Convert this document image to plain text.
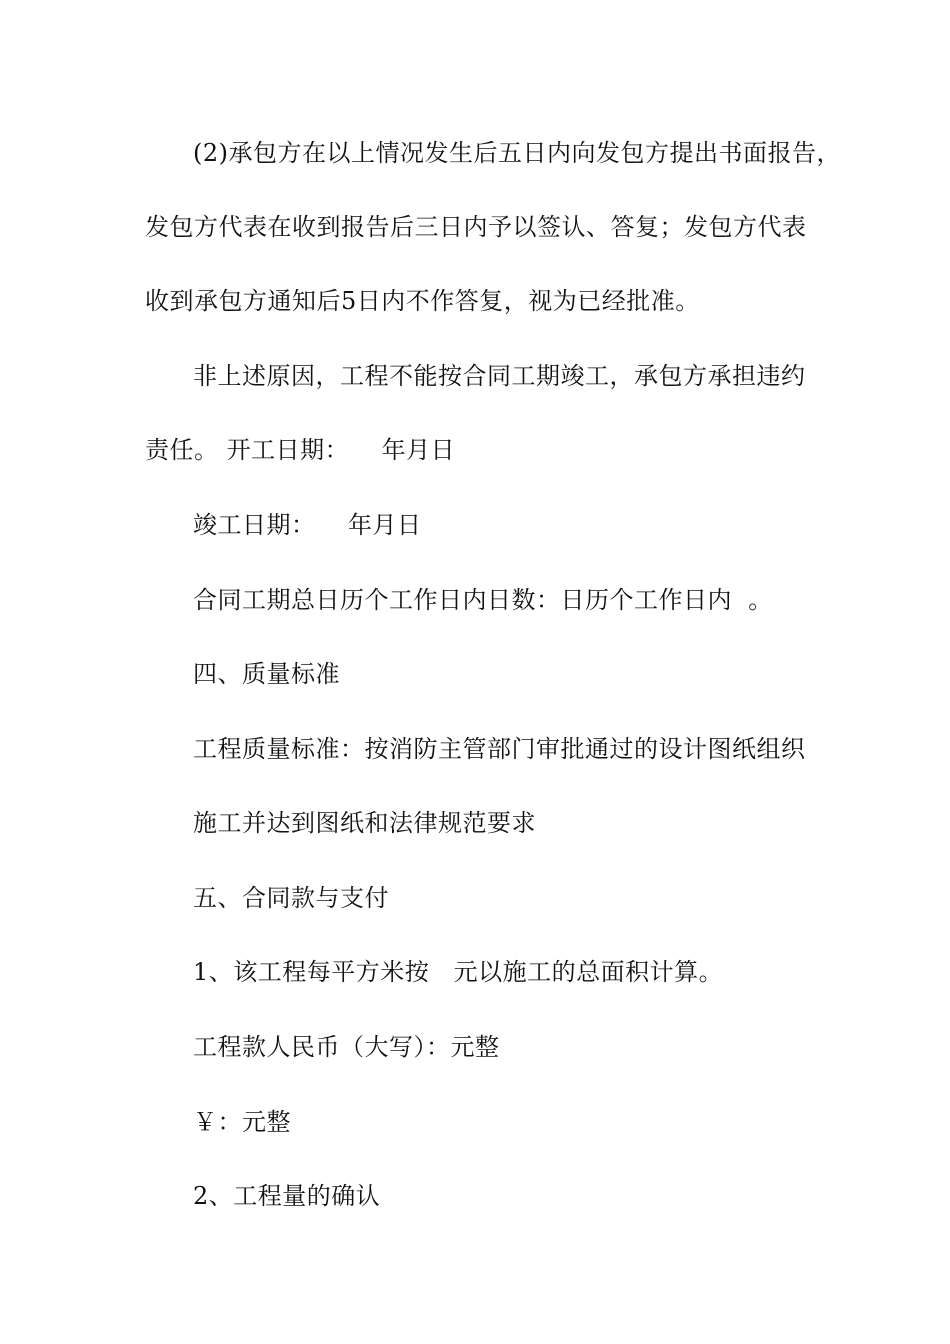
(2)承包方在以上情况发生后五日内向发包方提出书面报告，
发包方代表在收到报告后三日内予以签认、答复；发包方代表
收到承包方通知后5日内不作答复，视为已经批准。
非上述原因，工程不能按合同工期竣工，承包方承担违约
责任。 开工日期：    年月日
竣工日期：    年月日
合同工期总日历个工作日内日数：日历个工作日内  。
四、质量标准
工程质量标准：按消防主管部门审批通过的设计图纸组织
施工并达到图纸和法律规范要求
五、合同款与支付
1、该工程每平方米按   元以施工的总面积计算。
工程款人民币（大写）：元整
￥：元整
2、工程量的确认
